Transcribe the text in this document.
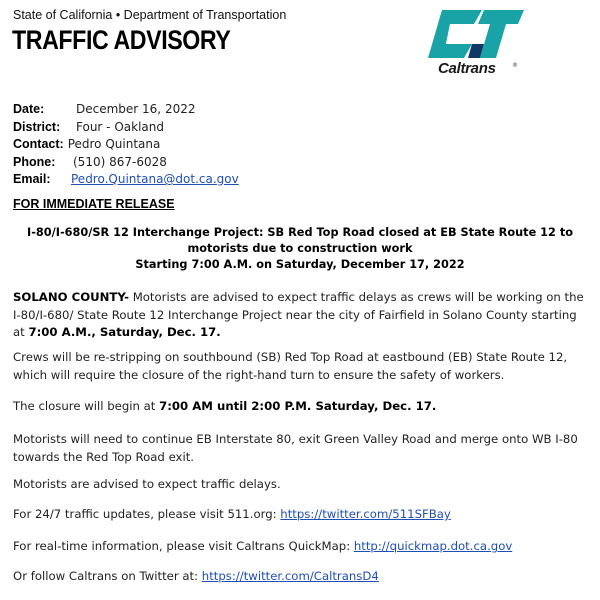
State of California • Department of Transportation
TRAFFIC ADVISORY
Caltrans	®
Date:	December 16, 2022
District:	Four - Oakland
Contact: Pedro Quintana
Phone:	(510) 867-6028
Email:	Pedro.Quintana@dot.ca.gov
FOR IMMEDIATE RELEASE
I-80/I-680/SR 12 Interchange Project: SB Red Top Road closed at EB State Route 12 to motorists due to construction work
Starting 7:00 A.M. on Saturday, December 17, 2022
SOLANO COUNTY- Motorists are advised to expect traffic delays as crews will be working on the I-80/I-680/ State Route 12 Interchange Project near the city of Fairfield in Solano County starting at 7:00 A.M., Saturday, Dec. 17.
Crews will be re-stripping on southbound (SB) Red Top Road at eastbound (EB) State Route 12, which will require the closure of the right-hand turn to ensure the safety of workers.
The closure will begin at 7:00 AM until 2:00 P.M. Saturday, Dec. 17.
Motorists will need to continue EB Interstate 80, exit Green Valley Road and merge onto WB I-80 towards the Red Top Road exit.
Motorists are advised to expect traffic delays.
For 24/7 traffic updates, please visit 511.org: https://twitter.com/511SFBay
For real-time information, please visit Caltrans QuickMap: http://quickmap.dot.ca.gov
Or follow Caltrans on Twitter at: https://twitter.com/CaltransD4
